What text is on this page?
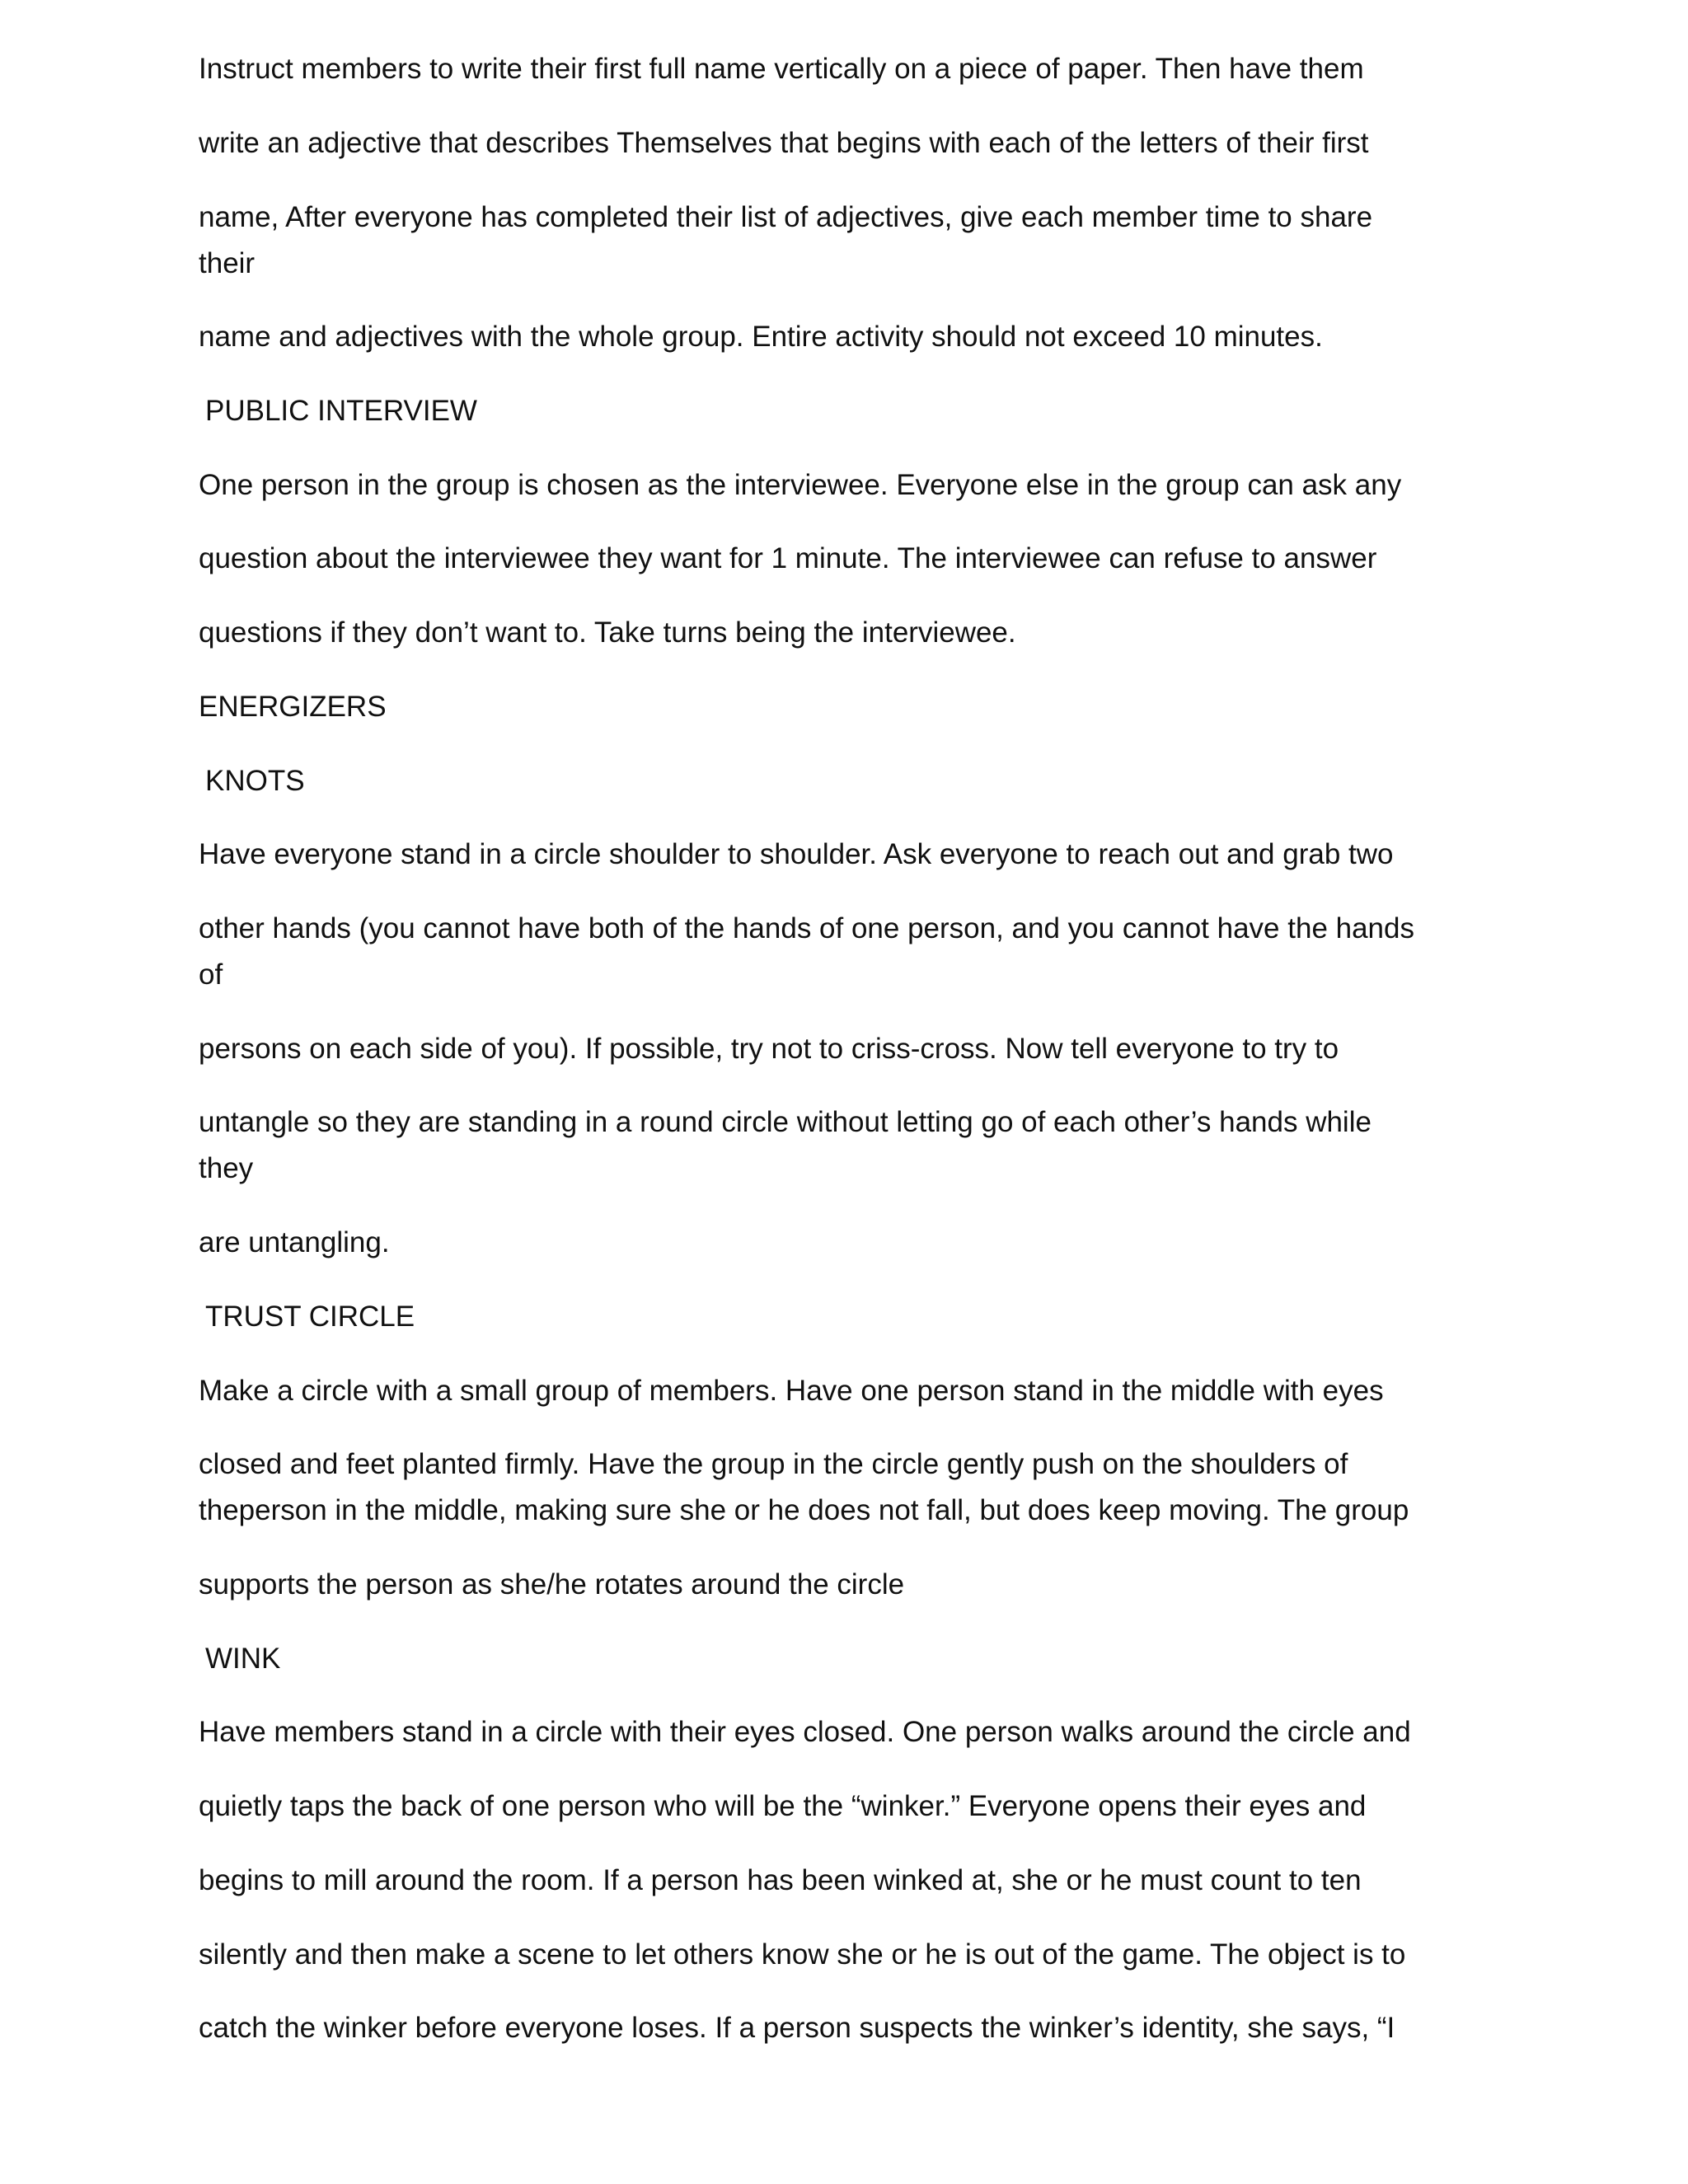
Instruct members to write their first full name vertically on a piece of paper. Then have them

write an adjective that describes Themselves that begins with each of the letters of their first

name, After everyone has completed their list of adjectives, give each member time to share

their

name and adjectives with the whole group. Entire activity should not exceed 10 minutes.

PUBLIC INTERVIEW

One person in the group is chosen as the interviewee. Everyone else in the group can ask any

question about the interviewee they want for 1 minute. The interviewee can refuse to answer

questions if they don’t want to. Take turns being the interviewee.

ENERGIZERS

KNOTS

Have everyone stand in a circle shoulder to shoulder. Ask everyone to reach out and grab two

other hands (you cannot have both of the hands of one person, and you cannot have the hands

of

persons on each side of you). If possible, try not to criss-cross. Now tell everyone to try to

untangle so they are standing in a round circle without letting go of each other’s hands while

they

are untangling.

TRUST CIRCLE

Make a circle with a small group of members. Have one person stand in the middle with eyes

closed and feet planted firmly. Have the group in the circle gently push on the shoulders of

theperson in the middle, making sure she or he does not fall, but does keep moving. The group

supports the person as she/he rotates around the circle

WINK

Have members stand in a circle with their eyes closed. One person walks around the circle and

quietly taps the back of one person who will be the “winker.” Everyone opens their eyes and

begins to mill around the room. If a person has been winked at, she or he must count to ten

silently and then make a scene to let others know she or he is out of the game. The object is to

catch the winker before everyone loses. If a person suspects the winker’s identity, she says, “I
